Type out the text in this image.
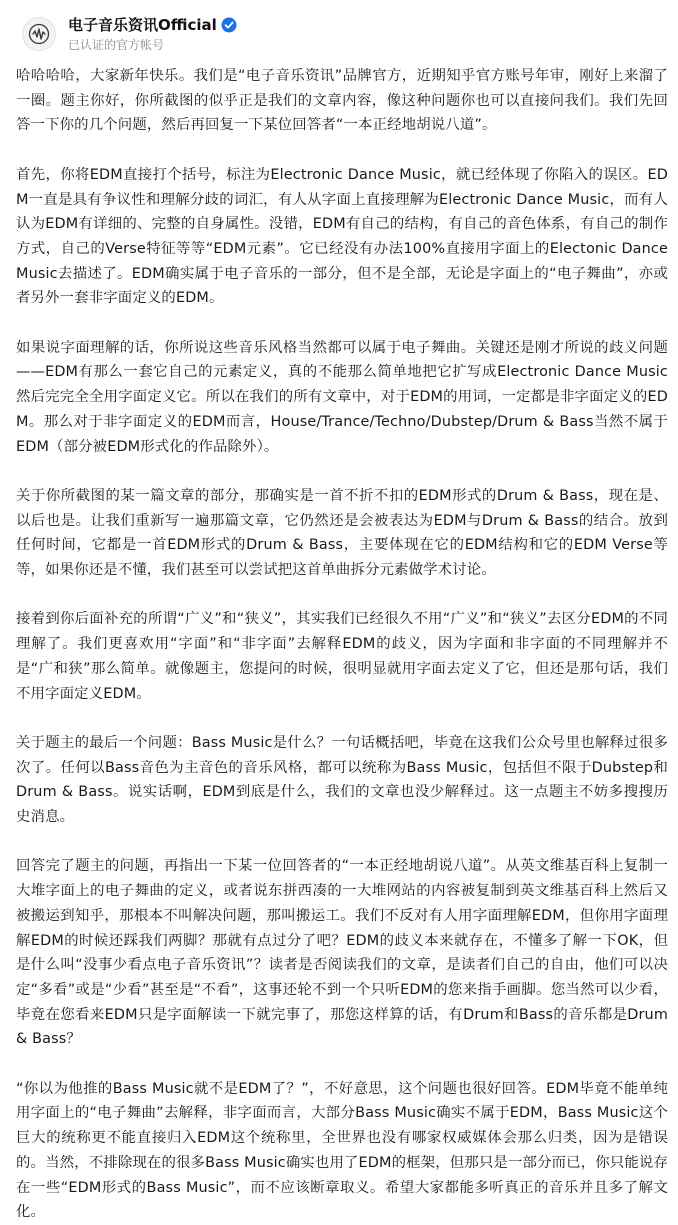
电子音乐资讯Official
已认证的官方帐号

哈哈哈哈，大家新年快乐。我们是“电子音乐资讯”品牌官方，近期知乎官方账号年审，刚好上来溜了一圈。题主你好，你所截图的似乎正是我们的文章内容，像这种问题你也可以直接问我们。我们先回答一下你的几个问题，然后再回复一下某位回答者“一本正经地胡说八道”。

首先，你将EDM直接打个括号，标注为Electronic Dance Music，就已经体现了你陷入的误区。EDM一直是具有争议性和理解分歧的词汇，有人从字面上直接理解为Electronic Dance Music，而有人认为EDM有详细的、完整的自身属性。没错，EDM有自己的结构，有自己的音色体系，有自己的制作方式，自己的Verse特征等等“EDM元素”。它已经没有办法100%直接用字面上的Electonic Dance Music去描述了。EDM确实属于电子音乐的一部分，但不是全部，无论是字面上的“电子舞曲”，亦或者另外一套非字面定义的EDM。

如果说字面理解的话，你所说这些音乐风格当然都可以属于电子舞曲。关键还是刚才所说的歧义问题——EDM有那么一套它自己的元素定义，真的不能那么简单地把它扩写成Electronic Dance Music然后完完全全用字面定义它。所以在我们的所有文章中，对于EDM的用词，一定都是非字面定义的EDM。那么对于非字面定义的EDM而言，House/Trance/Techno/Dubstep/Drum & Bass当然不属于EDM（部分被EDM形式化的作品除外）。

关于你所截图的某一篇文章的部分，那确实是一首不折不扣的EDM形式的Drum & Bass，现在是、以后也是。让我们重新写一遍那篇文章，它仍然还是会被表达为EDM与Drum & Bass的结合。放到任何时间，它都是一首EDM形式的Drum & Bass，主要体现在它的EDM结构和它的EDM Verse等等，如果你还是不懂，我们甚至可以尝试把这首单曲拆分元素做学术讨论。

接着到你后面补充的所谓“广义”和“狭义”，其实我们已经很久不用“广义”和“狭义”去区分EDM的不同理解了。我们更喜欢用“字面”和“非字面”去解释EDM的歧义，因为字面和非字面的不同理解并不是“广和狭”那么简单。就像题主，您提问的时候，很明显就用字面去定义了它，但还是那句话，我们不用字面定义EDM。

关于题主的最后一个问题：Bass Music是什么？一句话概括吧，毕竟在这我们公众号里也解释过很多次了。任何以Bass音色为主音色的音乐风格，都可以统称为Bass Music，包括但不限于Dubstep和Drum & Bass。说实话啊，EDM到底是什么，我们的文章也没少解释过。这一点题主不妨多搜搜历史消息。

回答完了题主的问题，再指出一下某一位回答者的“一本正经地胡说八道”。从英文维基百科上复制一大堆字面上的电子舞曲的定义，或者说东拼西凑的一大堆网站的内容被复制到英文维基百科上然后又被搬运到知乎，那根本不叫解决问题，那叫搬运工。我们不反对有人用字面理解EDM，但你用字面理解EDM的时候还踩我们两脚？那就有点过分了吧？EDM的歧义本来就存在，不懂多了解一下OK，但是什么叫“没事少看点电子音乐资讯”？读者是否阅读我们的文章，是读者们自己的自由，他们可以决定“多看”或是“少看”甚至是“不看”，这事还轮不到一个只听EDM的您来指手画脚。您当然可以少看，毕竟在您看来EDM只是字面解读一下就完事了，那您这样算的话，有Drum和Bass的音乐都是Drum & Bass？

“你以为他推的Bass Music就不是EDM了？”，不好意思，这个问题也很好回答。EDM毕竟不能单纯用字面上的“电子舞曲”去解释，非字面而言，大部分Bass Music确实不属于EDM，Bass Music这个巨大的统称更不能直接归入EDM这个统称里，全世界也没有哪家权威媒体会那么归类，因为是错误的。当然，不排除现在的很多Bass Music确实也用了EDM的框架，但那只是一部分而已，你只能说存在一些“EDM形式的Bass Music”，而不应该断章取义。希望大家都能多听真正的音乐并且多了解文化。
